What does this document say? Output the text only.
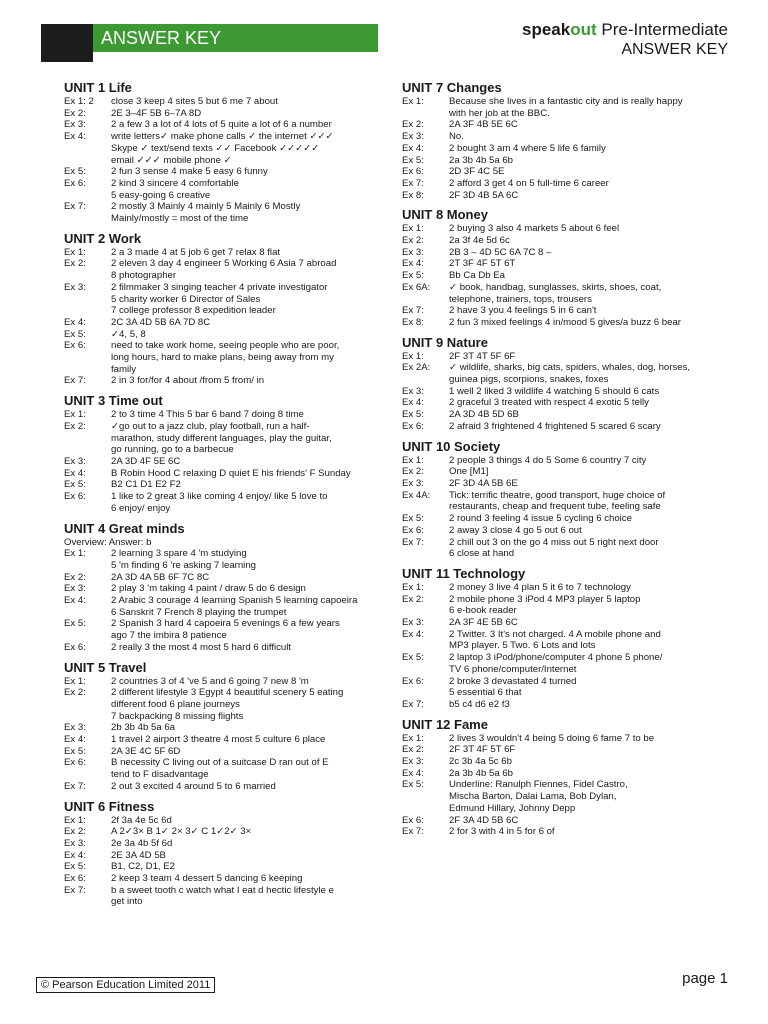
ANSWER KEY	speakout Pre-Intermediate
ANSWER KEY
UNIT 1 Life
Ex 1: 2	close 3 keep 4 sites 5 but 6 me 7 about
Ex 2:	2E 3–4F 5B 6–7A 8D
Ex 3:	2 a few 3 a lot of 4 lots of 5 quite a lot of 6 a number
Ex 4:	write letters✓ make phone calls ✓ the internet ✓✓✓
Skype ✓ text/send texts ✓✓ Facebook ✓✓✓✓✓
email ✓✓✓ mobile phone ✓
Ex 5:	2 fun 3 sense 4 make 5 easy 6 funny
Ex 6:	2 kind 3 sincere 4 comfortable
5 easy-going 6 creative
Ex 7:	2 mostly 3 Mainly 4 mainly 5 Mainly 6 Mostly
Mainly/mostly = most of the time
UNIT 2 Work
Ex 1:	2 a 3 made 4 at 5 job 6 get 7 relax 8 flat
Ex 2:	2 eleven 3 day 4 engineer 5 Working 6 Asia 7 abroad
8 photographer
Ex 3:	2 filmmaker 3 singing teacher 4 private investigator
5 charity worker 6 Director of Sales
7 college professor 8 expedition leader
Ex 4:	2C 3A 4D 5B 6A 7D 8C
Ex 5:	✓4, 5, 8
Ex 6:	need to take work home, seeing people who are poor,
long hours, hard to make plans, being away from my
family
Ex 7:	2 in 3 for/for 4 about /from 5 from/ in
UNIT 3 Time out
Ex 1:	2 to 3 time 4 This 5 bar 6 band 7 doing 8 time
Ex 2:	✓go out to a jazz club, play football, run a half-
marathon, study different languages, play the guitar,
go running, go to a barbecue
Ex 3:	2A 3D 4F 5E 6C
Ex 4:	B Robin Hood C relaxing D quiet E his friends' F Sunday
Ex 5:	B2 C1 D1 E2 F2
Ex 6:	1 like to 2 great 3 like coming 4 enjoy/ like 5 love to
6 enjoy/ enjoy
UNIT 4 Great minds
Overview: Answer: b
Ex 1:	2 learning 3 spare 4 'm studying
5 'm finding 6 're asking 7 learning
Ex 2:	2A 3D 4A 5B 6F 7C 8C
Ex 3:	2 play 3 'm taking 4 paint / draw 5 do 6 design
Ex 4:	2 Arabic 3 courage 4 learning Spanish 5 learning capoeira
6 Sanskrit 7 French 8 playing the trumpet
Ex 5:	2 Spanish 3 hard 4 capoeira 5 evenings 6 a few years
ago 7 the imbira 8 patience
Ex 6:	2 really 3 the most 4 most 5 hard 6 difficult
UNIT 5 Travel
Ex 1:	2 countries 3 of 4 've 5 and 6 going 7 new 8 'm
Ex 2:	2 different lifestyle 3 Egypt 4 beautiful scenery 5 eating
different food 6 plane journeys
7 backpacking 8 missing flights
Ex 3:	2b 3b 4b 5a 6a
Ex 4:	1 travel 2 airport 3 theatre 4 most 5 culture 6 place
Ex 5:	2A 3E 4C 5F 6D
Ex 6:	B necessity C living out of a suitcase D ran out of E
tend to F disadvantage
Ex 7:	2 out 3 excited 4 around 5 to 6 married
UNIT 6 Fitness
Ex 1:	2f 3a 4e 5c 6d
Ex 2:	A 2✓3× B 1✓ 2× 3✓ C 1✓2✓ 3×
Ex 3:	2e 3a 4b 5f 6d
Ex 4:	2E 3A 4D 5B
Ex 5:	B1, C2, D1, E2
Ex 6:	2 keep 3 team 4 dessert 5 dancing 6 keeping
Ex 7:	b a sweet tooth c watch what I eat d hectic lifestyle e
get into
UNIT 7 Changes
Ex 1:	Because she lives in a fantastic city and is really happy
with her job at the BBC.
Ex 2:	2A 3F 4B 5E 6C
Ex 3:	No.
Ex 4:	2 bought 3 am 4 where 5 life 6 family
Ex 5:	2a 3b 4b 5a 6b
Ex 6:	2D 3F 4C 5E
Ex 7:	2 afford 3 get 4 on 5 full-time 6 career
Ex 8:	2F 3D 4B 5A 6C
UNIT 8 Money
Ex 1:	2 buying 3 also 4 markets 5 about 6 feel
Ex 2:	2a 3f 4e 5d 6c
Ex 3:	2B 3 – 4D 5C 6A 7C 8 –
Ex 4:	2T 3F 4F 5T 6T
Ex 5:	Bb Ca Db Ea
Ex 6A:	✓ book, handbag, sunglasses, skirts, shoes, coat,
telephone, trainers, tops, trousers
Ex 7:	2 have 3 you 4 feelings 5 in 6 can't
Ex 8:	2 fun 3 mixed feelings 4 in/mood 5 gives/a buzz 6 bear
UNIT 9 Nature
Ex 1:	2F 3T 4T 5F 6F
Ex 2A:	✓ wildlife, sharks, big cats, spiders, whales, dog, horses,
guinea pigs, scorpions, snakes, foxes
Ex 3:	1 well 2 liked 3 wildlife 4 watching 5 should 6 cats
Ex 4:	2 graceful 3 treated with respect 4 exotic 5 telly
Ex 5:	2A 3D 4B 5D 6B
Ex 6:	2 afraid 3 frightened 4 frightened 5 scared 6 scary
UNIT 10 Society
Ex 1:	2 people 3 things 4 do 5 Some 6 country 7 city
Ex 2:	One [M1]
Ex 3:	2F 3D 4A 5B 6E
Ex 4A:	Tick: terrific theatre, good transport, huge choice of
restaurants, cheap and frequent tube, feeling safe
Ex 5:	2 round 3 feeling 4 issue 5 cycling 6 choice
Ex 6:	2 away 3 close 4 go 5 out 6 out
Ex 7:	2 chill out 3 on the go 4 miss out 5 right next door
6 close at hand
UNIT 11 Technology
Ex 1:	2 money 3 live 4 plan 5 it 6 to 7 technology
Ex 2:	2 mobile phone 3 iPod 4 MP3 player 5 laptop
6 e-book reader
Ex 3:	2A 3F 4E 5B 6C
Ex 4:	2 Twitter. 3 It's not charged. 4 A mobile phone and
MP3 player. 5 Two. 6 Lots and lots
Ex 5:	2 laptop 3 iPod/phone/computer 4 phone 5 phone/
TV 6 phone/computer/Internet
Ex 6:	2 broke 3 devastated 4 turned
5 essential 6 that
Ex 7:	b5 c4 d6 e2 f3
UNIT 12 Fame
Ex 1:	2 lives 3 wouldn't 4 being 5 doing 6 fame 7 to be
Ex 2:	2F 3T 4F 5T 6F
Ex 3:	2c 3b 4a 5c 6b
Ex 4:	2a 3b 4b 5a 6b
Ex 5:	Underline: Ranulph Fiennes, Fidel Castro,
Mischa Barton, Dalai Lama, Bob Dylan,
Edmund Hillary, Johnny Depp
Ex 6:	2F 3A 4D 5B 6C
Ex 7:	2 for 3 with 4 in 5 for 6 of
© Pearson Education Limited 2011	page 1
